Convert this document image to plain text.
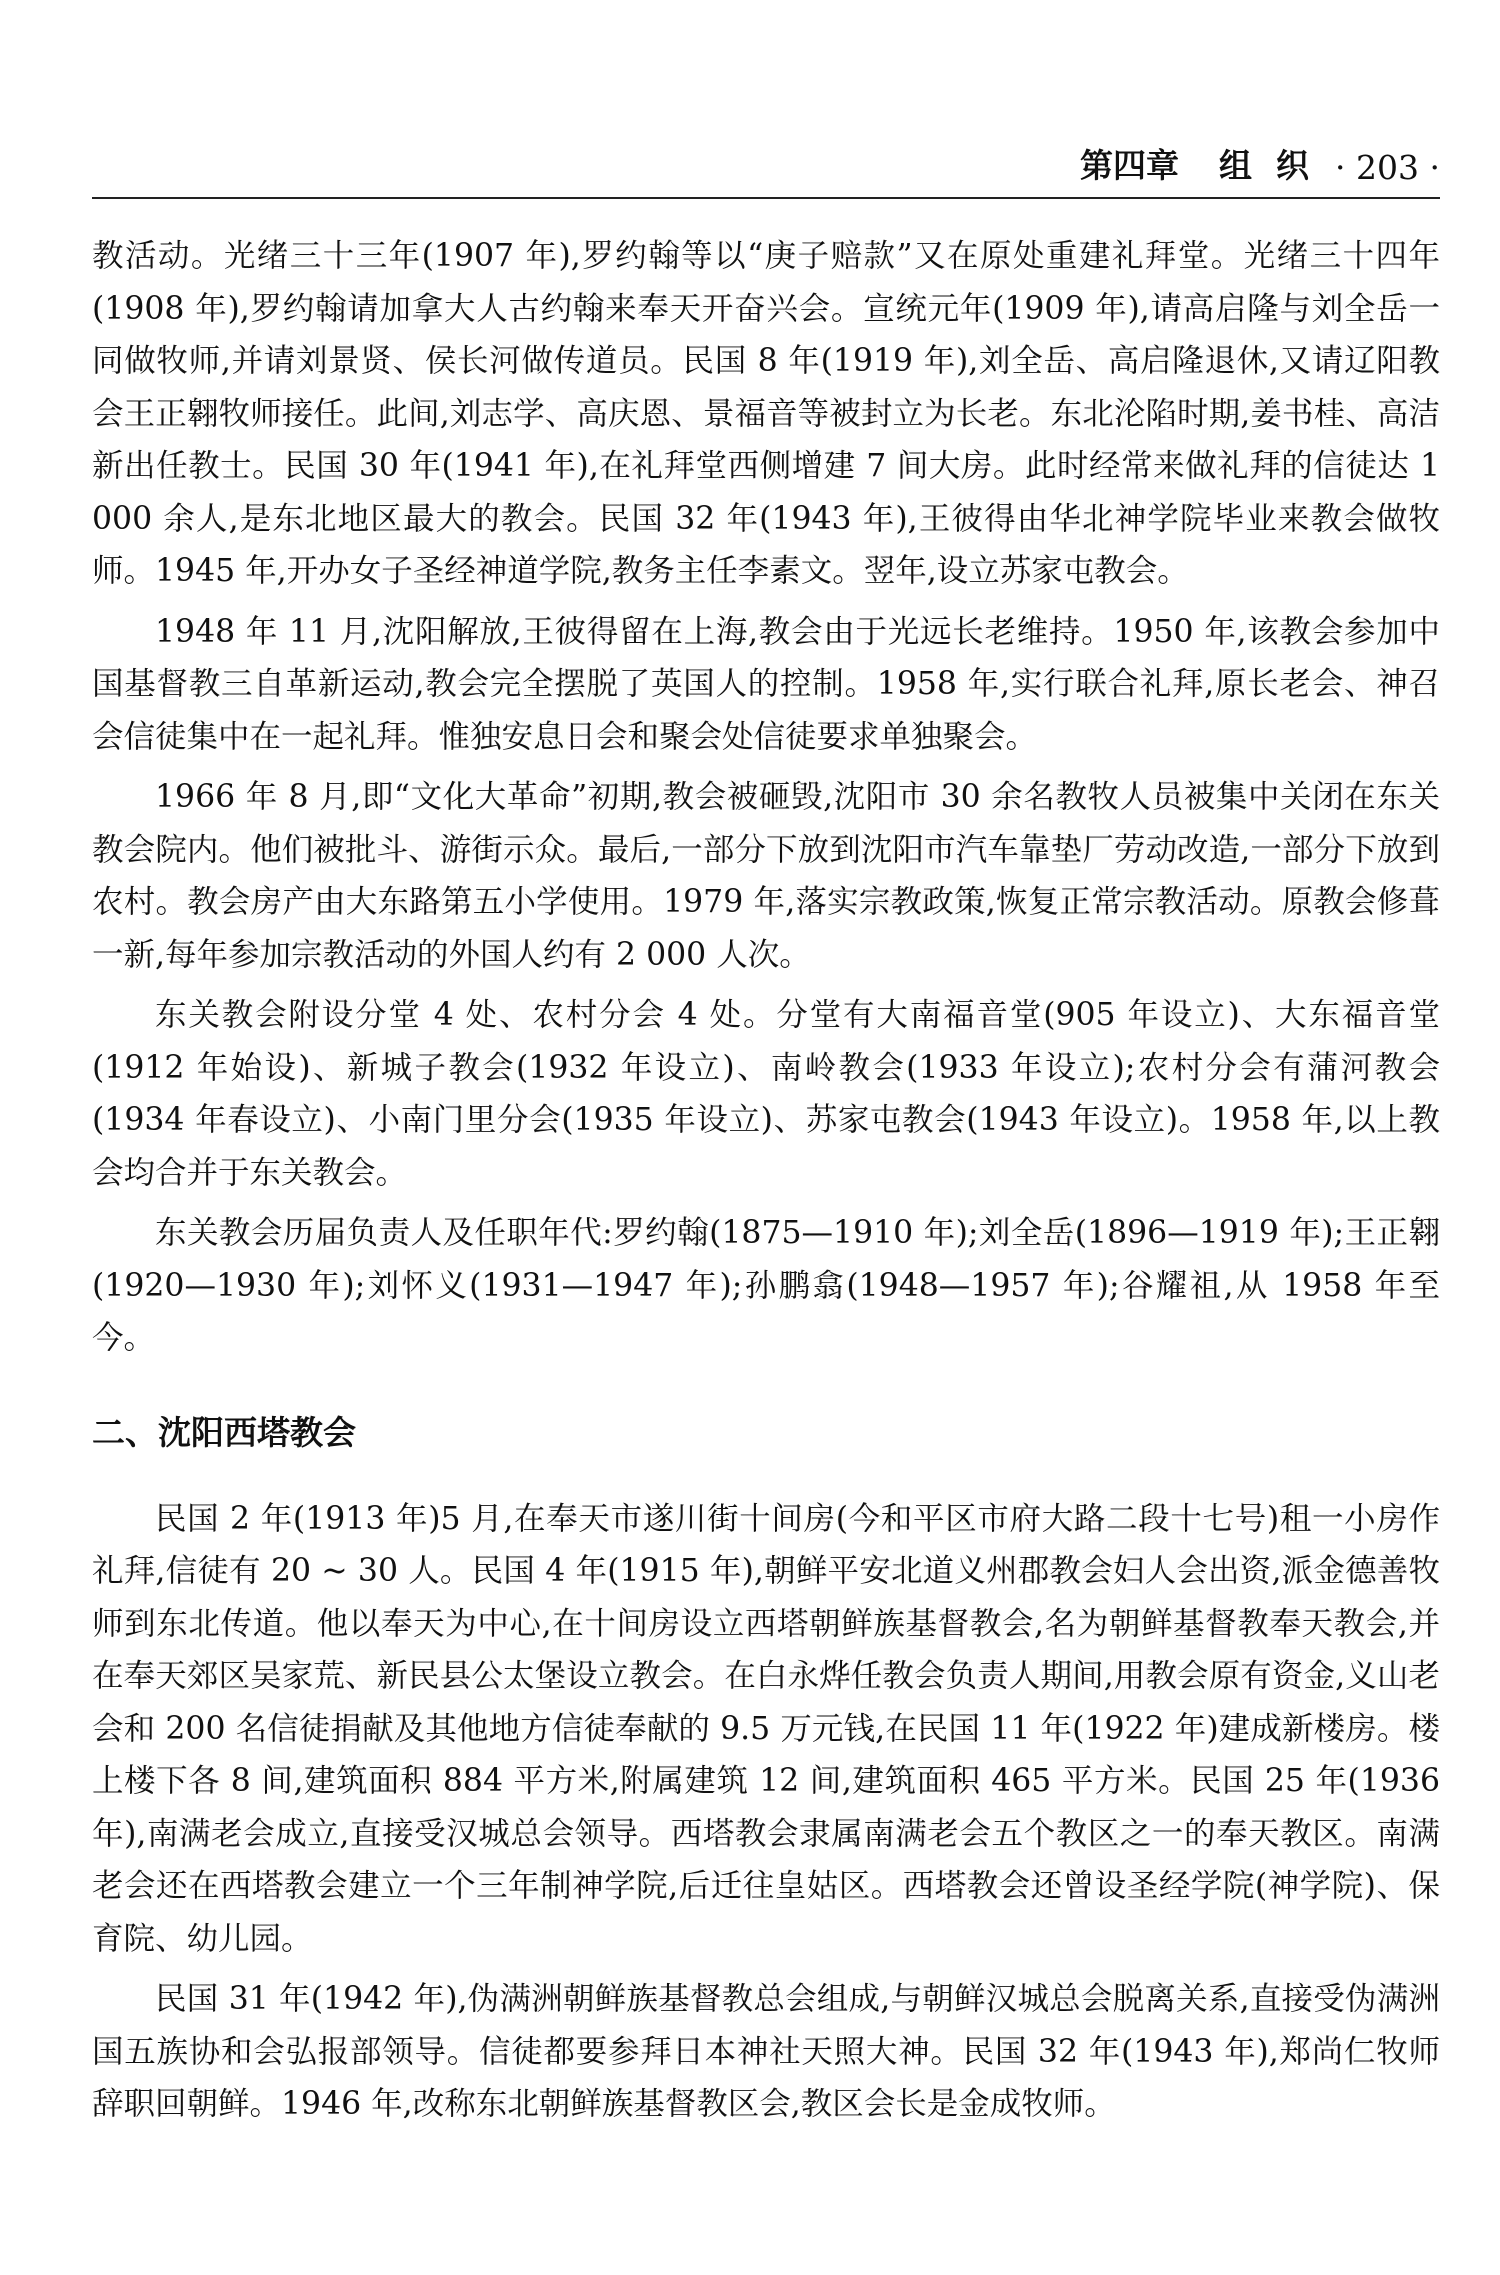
第四章 组 织 · 203 ·

教活动。光绪三十三年(1907 年),罗约翰等以“庚子赔款”又在原处重建礼拜堂。光绪三十四年(1908 年),罗约翰请加拿大人古约翰来奉天开奋兴会。宣统元年(1909 年),请高启隆与刘全岳一同做牧师,并请刘景贤、侯长河做传道员。民国 8 年(1919 年),刘全岳、高启隆退休,又请辽阳教会王正翱牧师接任。此间,刘志学、高庆恩、景福音等被封立为长老。东北沦陷时期,姜书桂、高洁新出任教士。民国 30 年(1941 年),在礼拜堂西侧增建 7 间大房。此时经常来做礼拜的信徒达 1 000 余人,是东北地区最大的教会。民国 32 年(1943 年),王彼得由华北神学院毕业来教会做牧师。1945 年,开办女子圣经神道学院,教务主任李素文。翌年,设立苏家屯教会。

1948 年 11 月,沈阳解放,王彼得留在上海,教会由于光远长老维持。1950 年,该教会参加中国基督教三自革新运动,教会完全摆脱了英国人的控制。1958 年,实行联合礼拜,原长老会、神召会信徒集中在一起礼拜。惟独安息日会和聚会处信徒要求单独聚会。

1966 年 8 月,即“文化大革命”初期,教会被砸毁,沈阳市 30 余名教牧人员被集中关闭在东关教会院内。他们被批斗、游街示众。最后,一部分下放到沈阳市汽车靠垫厂劳动改造,一部分下放到农村。教会房产由大东路第五小学使用。1979 年,落实宗教政策,恢复正常宗教活动。原教会修葺一新,每年参加宗教活动的外国人约有 2 000 人次。

东关教会附设分堂 4 处、农村分会 4 处。分堂有大南福音堂(905 年设立)、大东福音堂(1912 年始设)、新城子教会(1932 年设立)、南岭教会(1933 年设立);农村分会有蒲河教会(1934 年春设立)、小南门里分会(1935 年设立)、苏家屯教会(1943 年设立)。1958 年,以上教会均合并于东关教会。

东关教会历届负责人及任职年代:罗约翰(1875—1910 年);刘全岳(1896—1919 年);王正翱(1920—1930 年);刘怀义(1931—1947 年);孙鹏翕(1948—1957 年);谷耀祖,从 1958 年至今。

二、沈阳西塔教会

民国 2 年(1913 年)5 月,在奉天市遂川街十间房(今和平区市府大路二段十七号)租一小房作礼拜,信徒有 20 ~ 30 人。民国 4 年(1915 年),朝鲜平安北道义州郡教会妇人会出资,派金德善牧师到东北传道。他以奉天为中心,在十间房设立西塔朝鲜族基督教会,名为朝鲜基督教奉天教会,并在奉天郊区吴家荒、新民县公太堡设立教会。在白永烨任教会负责人期间,用教会原有资金,义山老会和 200 名信徒捐献及其他地方信徒奉献的 9.5 万元钱,在民国 11 年(1922 年)建成新楼房。楼上楼下各 8 间,建筑面积 884 平方米,附属建筑 12 间,建筑面积 465 平方米。民国 25 年(1936 年),南满老会成立,直接受汉城总会领导。西塔教会隶属南满老会五个教区之一的奉天教区。南满老会还在西塔教会建立一个三年制神学院,后迁往皇姑区。西塔教会还曾设圣经学院(神学院)、保育院、幼儿园。

民国 31 年(1942 年),伪满洲朝鲜族基督教总会组成,与朝鲜汉城总会脱离关系,直接受伪满洲国五族协和会弘报部领导。信徒都要参拜日本神社天照大神。民国 32 年(1943 年),郑尚仁牧师辞职回朝鲜。1946 年,改称东北朝鲜族基督教区会,教区会长是金成牧师。
